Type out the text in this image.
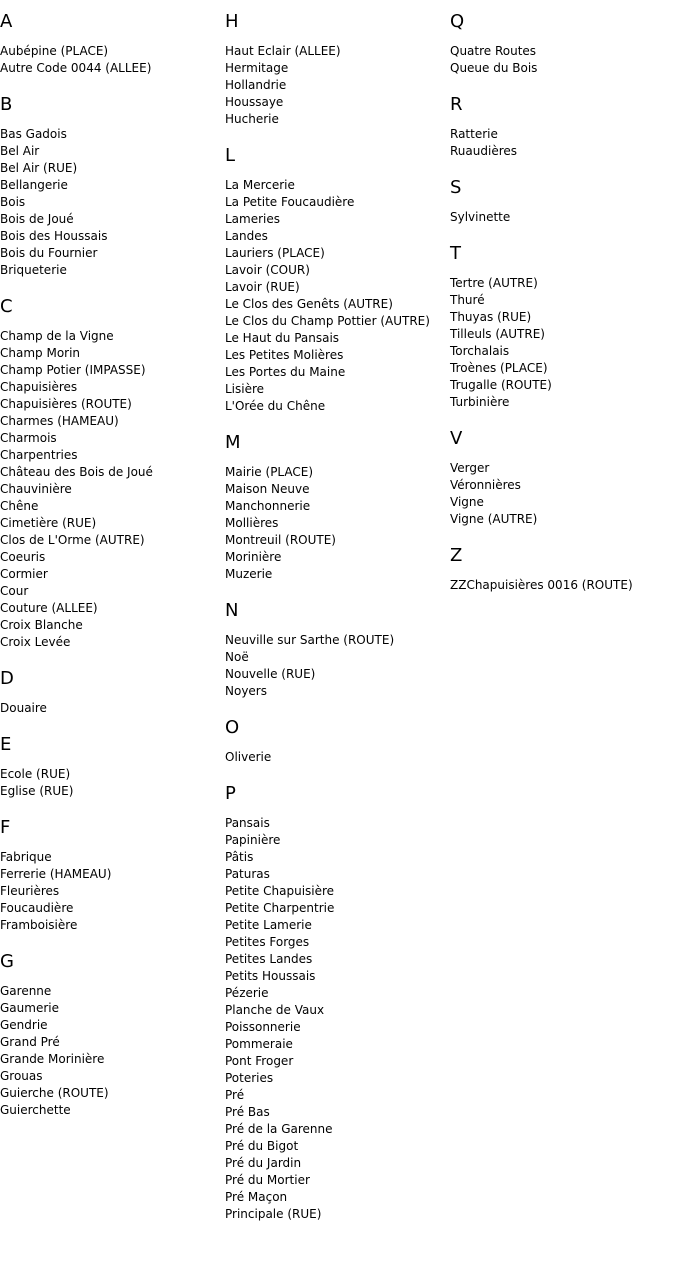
A
Aubépine (PLACE)
Autre Code 0044 (ALLEE)
B
Bas Gadois
Bel Air
Bel Air (RUE)
Bellangerie
Bois
Bois de Joué
Bois des Houssais
Bois du Fournier
Briqueterie
C
Champ de la Vigne
Champ Morin
Champ Potier (IMPASSE)
Chapuisières
Chapuisières (ROUTE)
Charmes (HAMEAU)
Charmois
Charpentries
Château des Bois de Joué
Chauvinière
Chêne
Cimetière (RUE)
Clos de L'Orme (AUTRE)
Coeuris
Cormier
Cour
Couture (ALLEE)
Croix Blanche
Croix Levée
D
Douaire
E
Ecole (RUE)
Eglise (RUE)
F
Fabrique
Ferrerie (HAMEAU)
Fleurières
Foucaudière
Framboisière
G
Garenne
Gaumerie
Gendrie
Grand Pré
Grande Morinière
Grouas
Guierche (ROUTE)
Guierchette
H
Haut Eclair (ALLEE)
Hermitage
Hollandrie
Houssaye
Hucherie
L
La Mercerie
La Petite Foucaudière
Lameries
Landes
Lauriers (PLACE)
Lavoir (COUR)
Lavoir (RUE)
Le Clos des Genêts (AUTRE)
Le Clos du Champ Pottier (AUTRE)
Le Haut du Pansais
Les Petites Molières
Les Portes du Maine
Lisière
L'Orée du Chêne
M
Mairie (PLACE)
Maison Neuve
Manchonnerie
Mollières
Montreuil (ROUTE)
Morinière
Muzerie
N
Neuville sur Sarthe (ROUTE)
Noë
Nouvelle (RUE)
Noyers
O
Oliverie
P
Pansais
Papinière
Pâtis
Paturas
Petite Chapuisière
Petite Charpentrie
Petite Lamerie
Petites Forges
Petites Landes
Petits Houssais
Pézerie
Planche de Vaux
Poissonnerie
Pommeraie
Pont Froger
Poteries
Pré
Pré Bas
Pré de la Garenne
Pré du Bigot
Pré du Jardin
Pré du Mortier
Pré Maçon
Principale (RUE)
Q
Quatre Routes
Queue du Bois
R
Ratterie
Ruaudières
S
Sylvinette
T
Tertre (AUTRE)
Thuré
Thuyas (RUE)
Tilleuls (AUTRE)
Torchalais
Troènes (PLACE)
Trugalle (ROUTE)
Turbinière
V
Verger
Véronnières
Vigne
Vigne (AUTRE)
Z
ZZChapuisières 0016 (ROUTE)
